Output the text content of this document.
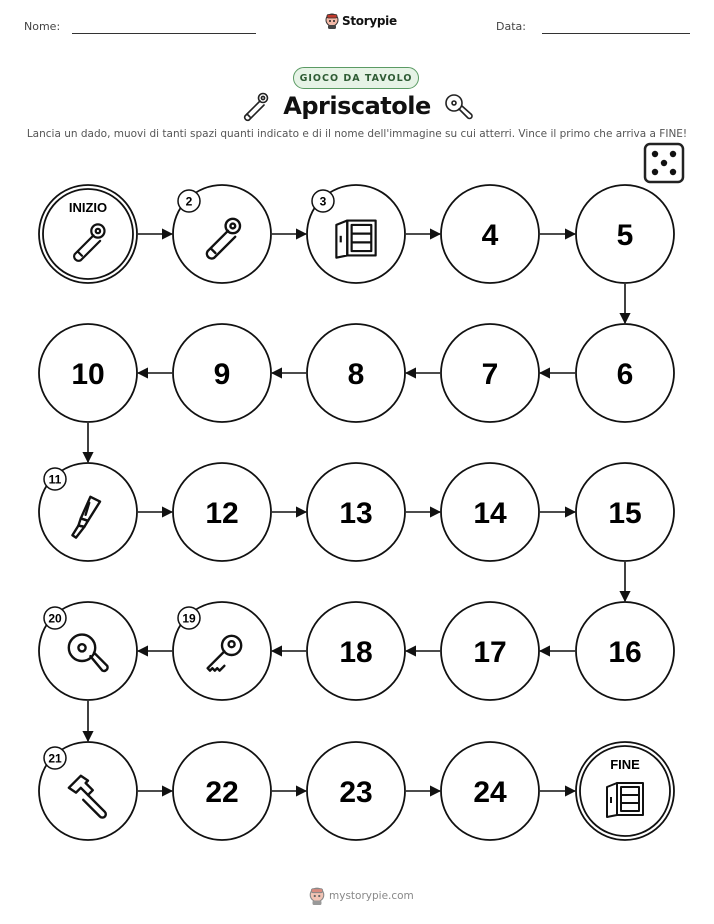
Nome:	Storypie	Data:
GIOCO DA TAVOLO
Apriscatole
Lancia un dado, muovi di tanti spazi quanti indicato e di il nome dell'immagine su cui atterri. Vince il primo che arriva a FINE!
INIZIO	2	3
4	5
6
7
8
9
10
11
12	13	14	15
16
17
18
19
20
21
22	23	24
FINE
mystorypie.com
